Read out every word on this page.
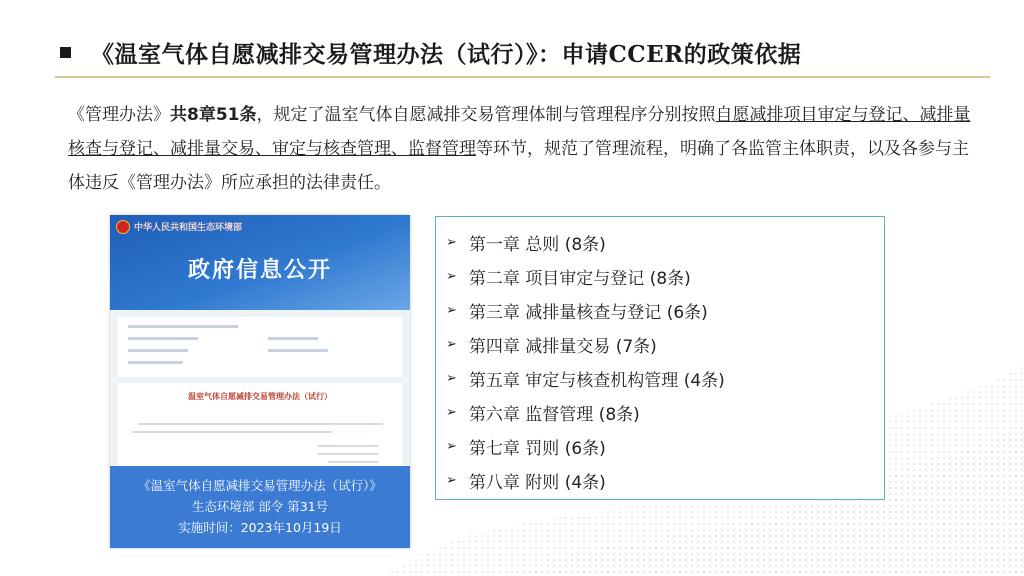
《温室气体自愿减排交易管理办法（试行）》：申请CCER的政策依据
《管理办法》共8章51条，规定了温室气体自愿减排交易管理体制与管理程序分别按照自愿减排项目审定与登记、减排量核查与登记、减排量交易、审定与核查管理、监督管理等环节，规范了管理流程，明确了各监管主体职责，以及各参与主体违反《管理办法》所应承担的法律责任。
中华人民共和国生态环境部
政府信息公开
温室气体自愿减排交易管理办法（试行）
《温室气体自愿减排交易管理办法（试行）》
生态环境部 部令 第31号
实施时间：2023年10月19日
➢ 第一章 总则 (8条)
➢ 第二章 项目审定与登记 (8条)
➢ 第三章 减排量核查与登记 (6条)
➢ 第四章 减排量交易 (7条)
➢ 第五章 审定与核查机构管理 (4条)
➢ 第六章 监督管理 (8条)
➢ 第七章 罚则 (6条)
➢ 第八章 附则 (4条)
